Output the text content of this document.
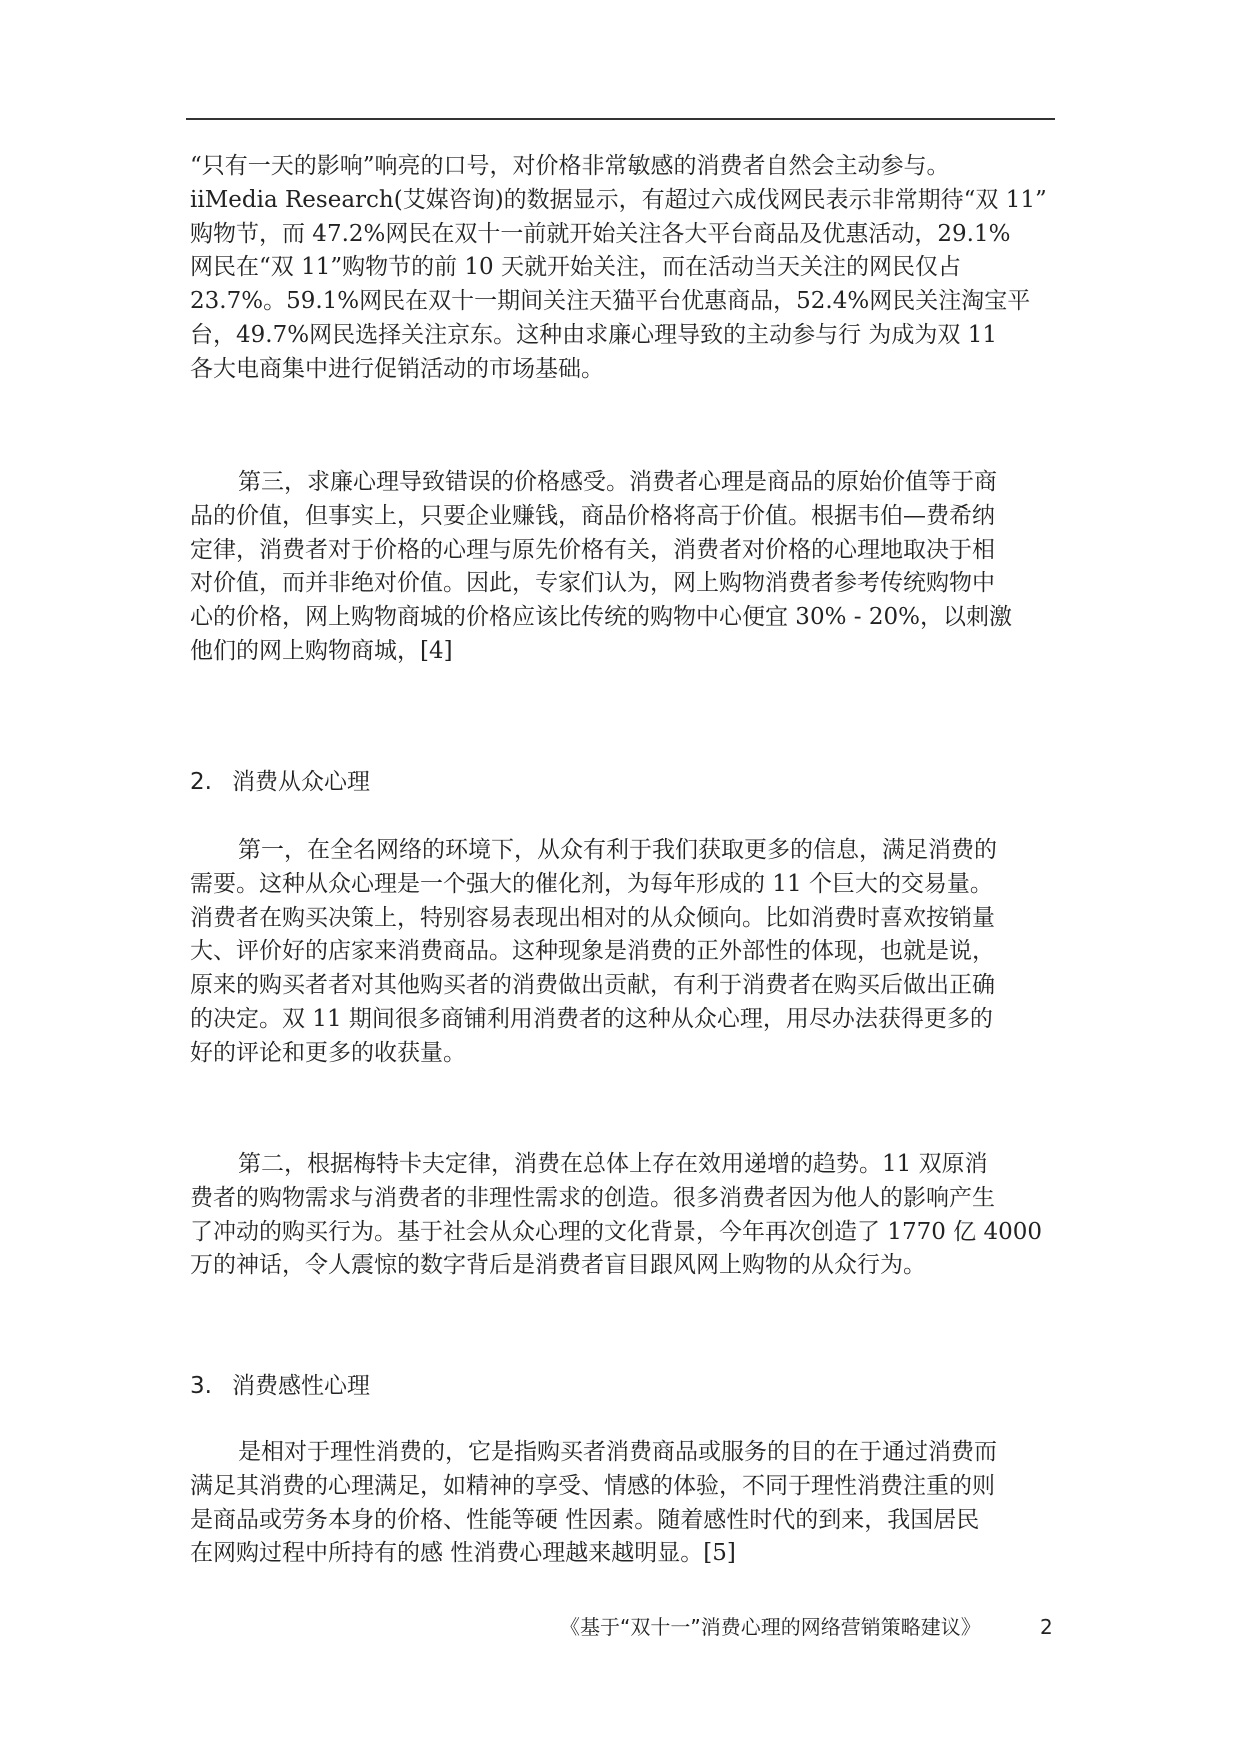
“只有一天的影响”响亮的口号，对价格非常敏感的消费者自然会主动参与。
iiMedia Research(艾媒咨询)的数据显示，有超过六成伐网民表示非常期待“双 11”
购物节，而 47.2%网民在双十一前就开始关注各大平台商品及优惠活动，29.1%
网民在“双 11”购物节的前 10 天就开始关注，而在活动当天关注的网民仅占
23.7%。59.1%网民在双十一期间关注天猫平台优惠商品，52.4%网民关注淘宝平
台，49.7%网民选择关注京东。这种由求廉心理导致的主动参与行 为成为双 11
各大电商集中进行促销活动的市场基础。
第三，求廉心理导致错误的价格感受。消费者心理是商品的原始价值等于商
品的价值，但事实上，只要企业赚钱，商品价格将高于价值。根据韦伯—费希纳
定律，消费者对于价格的心理与原先价格有关，消费者对价格的心理地取决于相
对价值，而并非绝对价值。因此，专家们认为，网上购物消费者参考传统购物中
心的价格，网上购物商城的价格应该比传统的购物中心便宜 30% - 20%，以刺激
他们的网上购物商城，[4]
2. 消费从众心理
第一，在全名网络的环境下，从众有利于我们获取更多的信息，满足消费的
需要。这种从众心理是一个强大的催化剂，为每年形成的 11 个巨大的交易量。
消费者在购买决策上，特别容易表现出相对的从众倾向。比如消费时喜欢按销量
大、评价好的店家来消费商品。这种现象是消费的正外部性的体现，也就是说，
原来的购买者者对其他购买者的消费做出贡献，有利于消费者在购买后做出正确
的决定。双 11 期间很多商铺利用消费者的这种从众心理，用尽办法获得更多的
好的评论和更多的收获量。
第二，根据梅特卡夫定律，消费在总体上存在效用递增的趋势。11 双原消
费者的购物需求与消费者的非理性需求的创造。很多消费者因为他人的影响产生
了冲动的购买行为。基于社会从众心理的文化背景，今年再次创造了 1770 亿 4000
万的神话，令人震惊的数字背后是消费者盲目跟风网上购物的从众行为。
3. 消费感性心理
是相对于理性消费的，它是指购买者消费商品或服务的目的在于通过消费而
满足其消费的心理满足，如精神的享受、情感的体验，不同于理性消费注重的则
是商品或劳务本身的价格、性能等硬 性因素。随着感性时代的到来，我国居民
在网购过程中所持有的感 性消费心理越来越明显。[5]
《基于“双十一”消费心理的网络营销策略建议》	2
